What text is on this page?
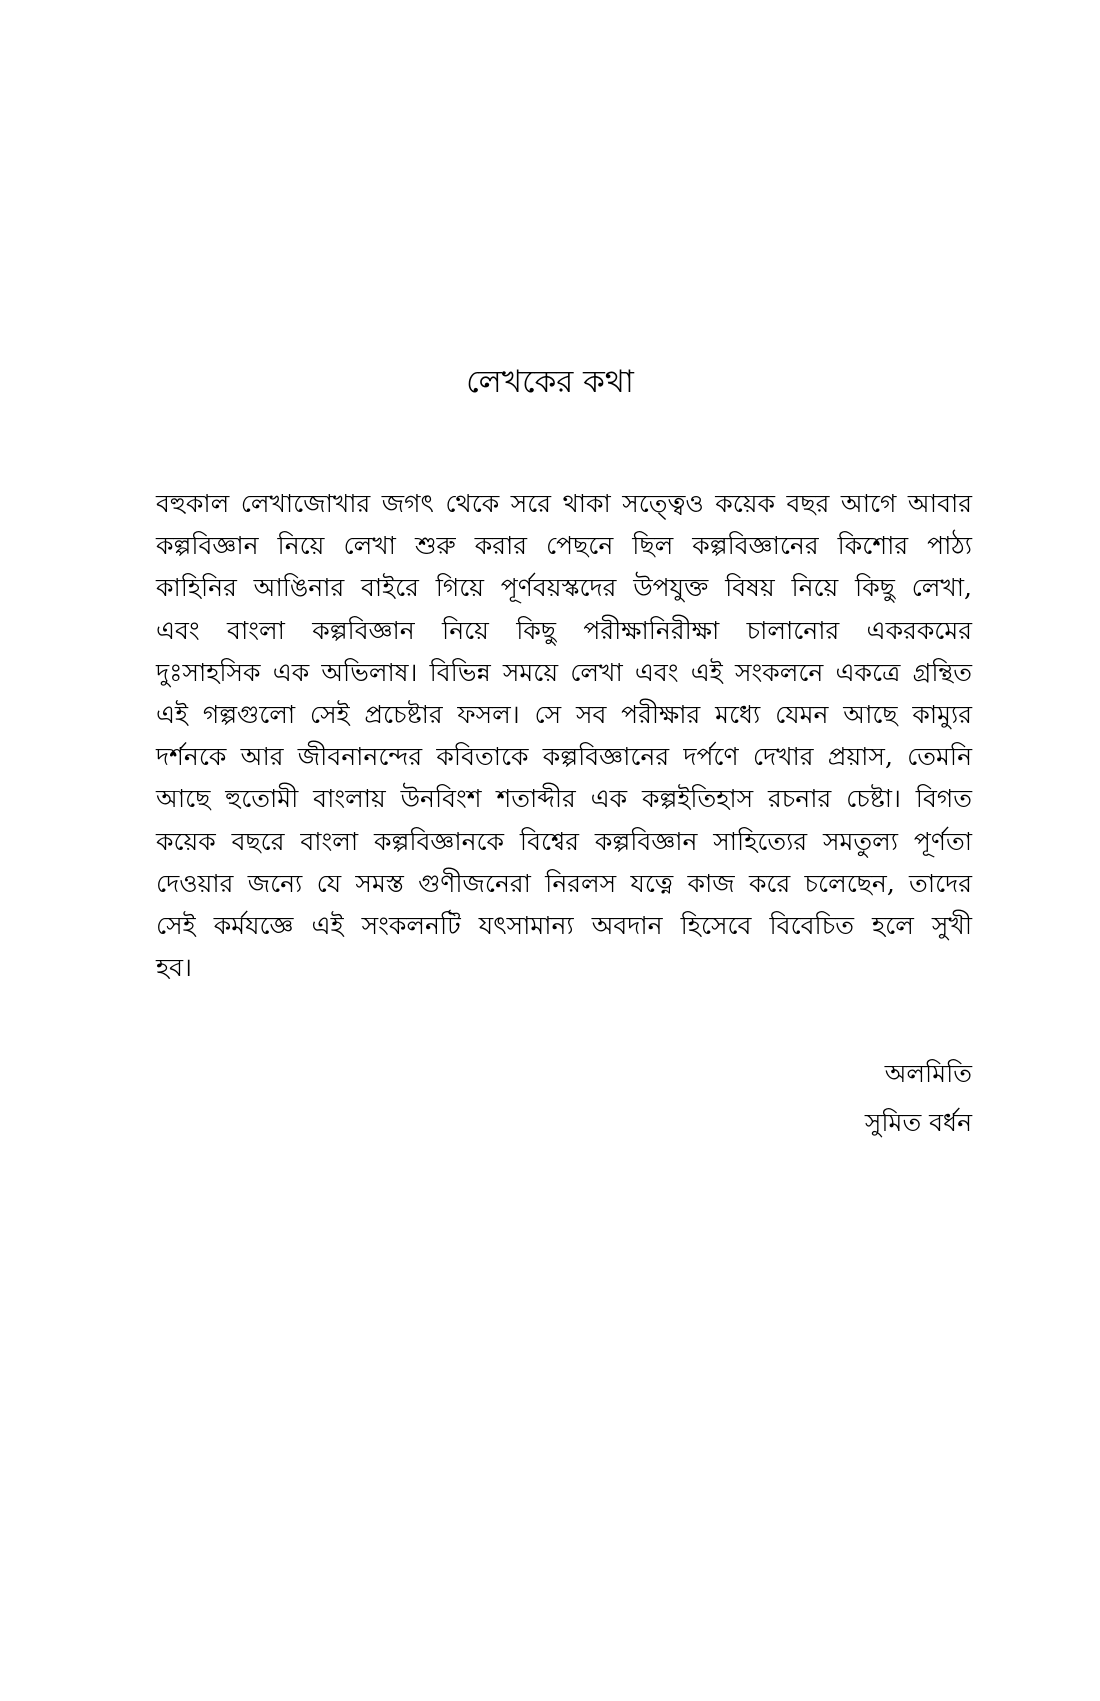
লেখকের কথা
বহুকাল লেখাজোখার জগৎ থেকে সরে থাকা সত্ত্বেও কয়েক বছর আগে আবার
কল্পবিজ্ঞান নিয়ে লেখা শুরু করার পেছনে ছিল কল্পবিজ্ঞানের কিশোর পাঠ্য
কাহিনির আঙিনার বাইরে গিয়ে পূর্ণবয়স্কদের উপযুক্ত বিষয় নিয়ে কিছু লেখা,
এবং বাংলা কল্পবিজ্ঞান নিয়ে কিছু পরীক্ষানিরীক্ষা চালানোর একরকমের
দুঃসাহসিক এক অভিলাষ। বিভিন্ন সময়ে লেখা এবং এই সংকলনে একত্রে গ্রন্থিত
এই গল্পগুলো সেই প্রচেষ্টার ফসল। সে সব পরীক্ষার মধ্যে যেমন আছে কাম্যুর
দর্শনকে আর জীবনানন্দের কবিতাকে কল্পবিজ্ঞানের দর্পণে দেখার প্রয়াস, তেমনি
আছে হুতোমী বাংলায় উনবিংশ শতাব্দীর এক কল্পইতিহাস রচনার চেষ্টা। বিগত
কয়েক বছরে বাংলা কল্পবিজ্ঞানকে বিশ্বের কল্পবিজ্ঞান সাহিত্যের সমতুল্য পূর্ণতা
দেওয়ার জন্যে যে সমস্ত গুণীজনেরা নিরলস যত্নে কাজ করে চলেছেন, তাদের
সেই কর্মযজ্ঞে এই সংকলনটি যৎসামান্য অবদান হিসেবে বিবেচিত হলে সুখী
হব।
অলমিতি
সুমিত বর্ধন
